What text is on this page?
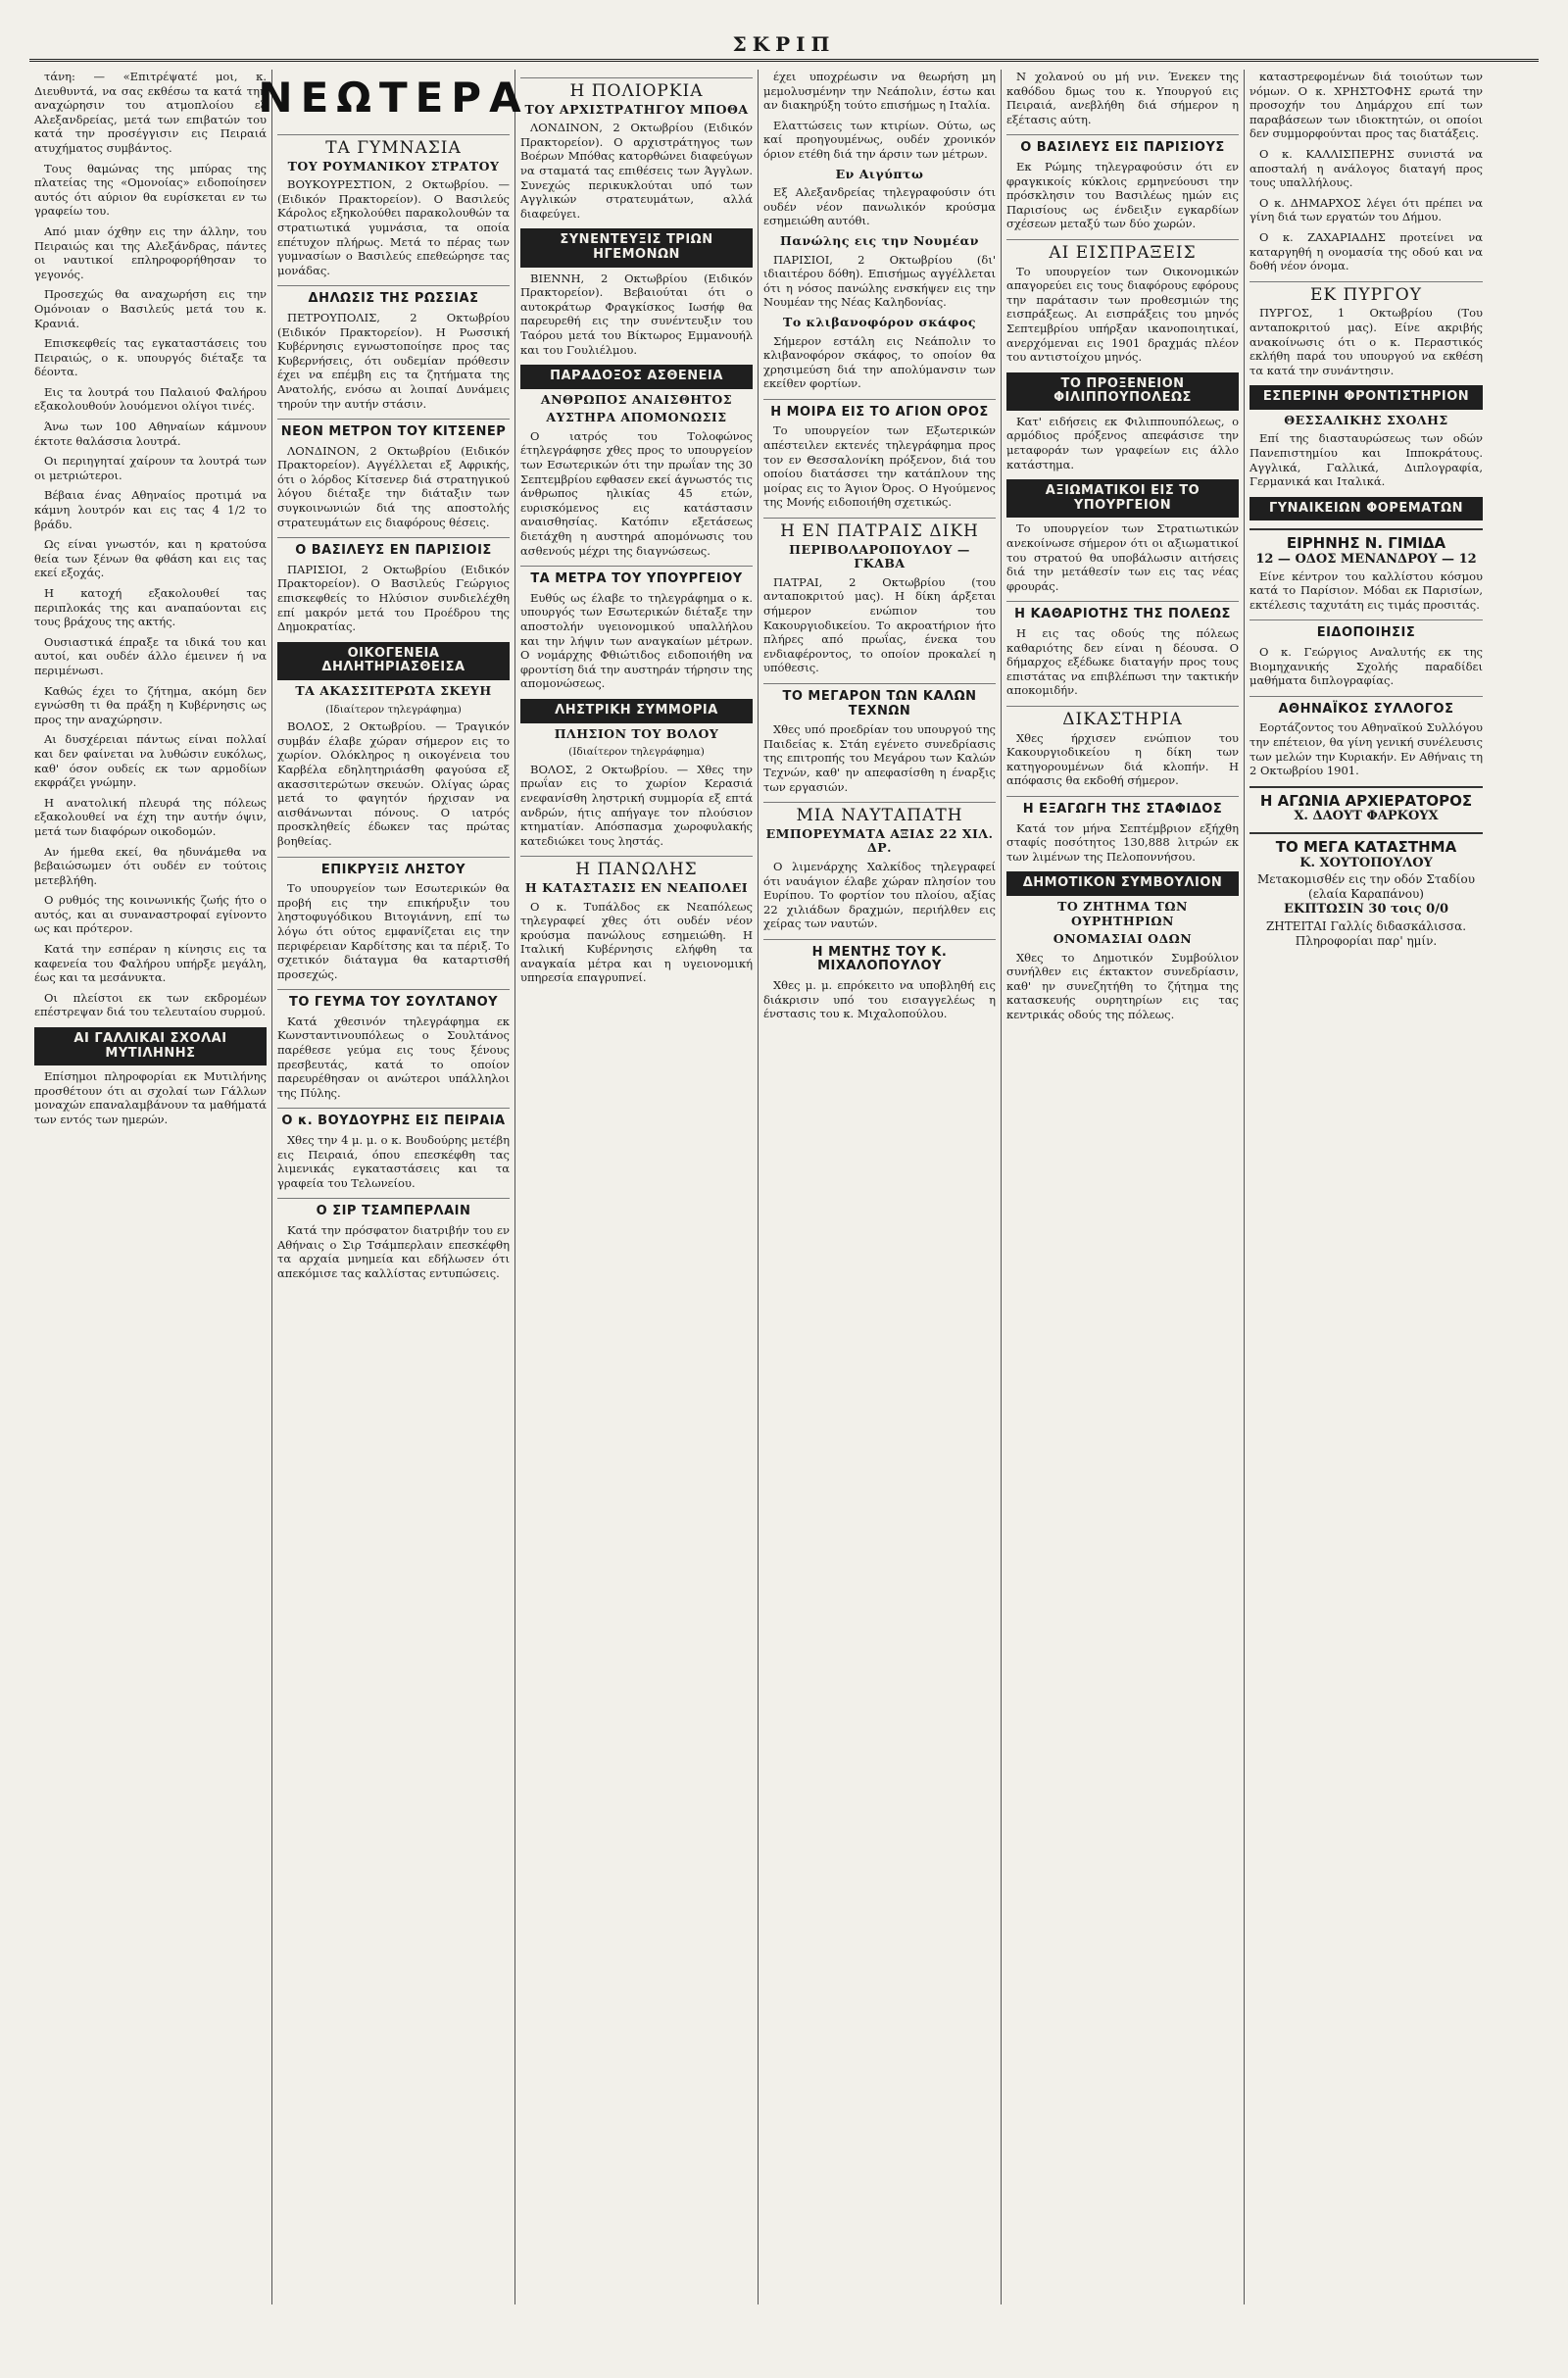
ΣΚΡΙΠ

τάνη: — «Επιτρέψατέ μοι, κ. Διευθυντά, να σας εκθέσω τα κατά την αναχώρησιν του ατμοπλοίου εξ Αλεξανδρείας, μετά των επιβατών του κατά την προσέγγισιν εις Πειραιά ατυχήματος συμβάντος.

Τους θαμώνας της μπύρας της πλατείας της «Ομονοίας» ειδοποίησεν αυτός ότι αύριον θα ευρίσκεται εν τω γραφείω του.

Από μιαν όχθην εις την άλλην, του Πειραιώς και της Αλεξάνδρας, πάντες οι ναυτικοί επληροφορήθησαν το γεγονός.

Προσεχώς θα αναχωρήση εις την Ομόνοιαν ο Βασιλεύς μετά του κ. Κρανιά.

Επισκεφθείς τας εγκαταστάσεις του Πειραιώς, ο κ. υπουργός διέταξε τα δέοντα.

Εις τα λουτρά του Παλαιού Φαλήρου εξακολουθούν λουόμενοι ολίγοι τινές.

Άνω των 100 Αθηναίων κάμνουν έκτοτε θαλάσσια λουτρά.

Οι περιηγηταί χαίρουν τα λουτρά των οι μετριώτεροι.

Βέβαια ένας Αθηναίος προτιμά να κάμνη λουτρόν και εις τας 4 1/2 το βράδυ.

Ως είναι γνωστόν, και η κρατούσα θεία των ξένων θα φθάση και εις τας εκεί εξοχάς.

Η κατοχή εξακολουθεί τας περιπλοκάς της και αναπαύονται εις τους βράχους της ακτής.

Ουσιαστικά έπραξε τα ιδικά του και αυτοί, και ουδέν άλλο έμεινεν ή να περιμένωσι.

Καθώς έχει το ζήτημα, ακόμη δεν εγνώσθη τι θα πράξη η Κυβέρνησις ως προς την αναχώρησιν.

Αι δυσχέρειαι πάντως είναι πολλαί και δεν φαίνεται να λυθώσιν ευκόλως, καθ' όσον ουδείς εκ των αρμοδίων εκφράζει γνώμην.

Η ανατολική πλευρά της πόλεως εξακολουθεί να έχη την αυτήν όψιν, μετά των διαφόρων οικοδομών.

Αν ήμεθα εκεί, θα ηδυνάμεθα να βεβαιώσωμεν ότι ουδέν εν τούτοις μετεβλήθη.

Ο ρυθμός της κοινωνικής ζωής ήτο ο αυτός, και αι συναναστροφαί εγίνοντο ως και πρότερον.

Κατά την εσπέραν η κίνησις εις τα καφενεία του Φαλήρου υπήρξε μεγάλη, έως και τα μεσάνυκτα.

Οι πλείστοι εκ των εκδρομέων επέστρεψαν διά του τελευταίου συρμού.

ΑΙ ΓΑΛΛΙΚΑΙ ΣΧΟΛΑΙ ΜΥΤΙΛΗΝΗΣ

Επίσημοι πληροφορίαι εκ Μυτιλήνης προσθέτουν ότι αι σχολαί των Γάλλων μοναχών επαναλαμβάνουν τα μαθήματά των εντός των ημερών.

ΝΕΩΤΕΡΑ
ΤΑ ΓΥΜΝΑΣΙΑ
ΤΟΥ ΡΟΥΜΑΝΙΚΟΥ ΣΤΡΑΤΟΥ

ΒΟΥΚΟΥΡΕΣΤΙΟΝ, 2 Οκτωβρίου. — (Ειδικόν Πρακτορείον). Ο Βασιλεύς Κάρολος εξηκολούθει παρακολουθών τα στρατιωτικά γυμνάσια, τα οποία επέτυχον πλήρως. Μετά το πέρας των γυμνασίων ο Βασιλεύς επεθεώρησε τας μονάδας.

ΔΗΛΩΣΙΣ ΤΗΣ ΡΩΣΣΙΑΣ

ΠΕΤΡΟΥΠΟΛΙΣ, 2 Οκτωβρίου (Ειδικόν Πρακτορείον). Η Ρωσσική Κυβέρνησις εγνωστοποίησε προς τας Κυβερνήσεις, ότι ουδεμίαν πρόθεσιν έχει να επέμβη εις τα ζητήματα της Ανατολής, ενόσω αι λοιπαί Δυνάμεις τηρούν την αυτήν στάσιν.

ΝΕΟΝ ΜΕΤΡΟΝ ΤΟΥ ΚΙΤΣΕΝΕΡ

ΛΟΝΔΙΝΟΝ, 2 Οκτωβρίου (Ειδικόν Πρακτορείον). Αγγέλλεται εξ Αφρικής, ότι ο λόρδος Κίτσενερ διά στρατηγικού λόγου διέταξε την διάταξιν των συγκοινωνιών διά της αποστολής στρατευμάτων εις διαφόρους θέσεις.

Ο ΒΑΣΙΛΕΥΣ ΕΝ ΠΑΡΙΣΙΟΙΣ

ΠΑΡΙΣΙΟΙ, 2 Οκτωβρίου (Ειδικόν Πρακτορείον). Ο Βασιλεύς Γεώργιος επισκεφθείς το Ηλύσιον συνδιελέχθη επί μακρόν μετά του Προέδρου της Δημοκρατίας.

ΟΙΚΟΓΕΝΕΙΑ ΔΗΛΗΤΗΡΙΑΣΘΕΙΣΑ
ΤΑ ΑΚΑΣΣΙΤΕΡΩΤΑ ΣΚΕΥΗ
(Ιδιαίτερον τηλεγράφημα)

ΒΟΛΟΣ, 2 Οκτωβρίου. — Τραγικόν συμβάν έλαβε χώραν σήμερον εις το χωρίον. Ολόκληρος η οικογένεια του Καρβέλα εδηλητηριάσθη φαγούσα εξ ακασσιτερώτων σκευών. Ολίγας ώρας μετά το φαγητόν ήρχισαν να αισθάνωνται πόνους. Ο ιατρός προσκληθείς έδωκεν τας πρώτας βοηθείας.

ΕΠΙΚΡΥΞΙΣ ΛΗΣΤΟΥ

Το υπουργείον των Εσωτερικών θα προβή εις την επικήρυξιν του ληστοφυγόδικου Βιτογιάννη, επί τω λόγω ότι ούτος εμφανίζεται εις την περιφέρειαν Καρδίτσης και τα πέριξ. Το σχετικόν διάταγμα θα καταρτισθή προσεχώς.

ΤΟ ΓΕΥΜΑ ΤΟΥ ΣΟΥΛΤΑΝΟΥ

Κατά χθεσινόν τηλεγράφημα εκ Κωνσταντινουπόλεως ο Σουλτάνος παρέθεσε γεύμα εις τους ξένους πρεσβευτάς, κατά το οποίον παρευρέθησαν οι ανώτεροι υπάλληλοι της Πύλης.

Ο κ. ΒΟΥΔΟΥΡΗΣ ΕΙΣ ΠΕΙΡΑΙΑ

Χθες την 4 μ. μ. ο κ. Βουδούρης μετέβη εις Πειραιά, όπου επεσκέφθη τας λιμενικάς εγκαταστάσεις και τα γραφεία του Τελωνείου.

Ο ΣΙΡ ΤΣΑΜΠΕΡΛΑΙΝ

Κατά την πρόσφατον διατριβήν του εν Αθήναις ο Σιρ Τσάμπερλαιν επεσκέφθη τα αρχαία μνημεία και εδήλωσεν ότι απεκόμισε τας καλλίστας εντυπώσεις.

Η ΠΟΛΙΟΡΚΙΑ
ΤΟΥ ΑΡΧΙΣΤΡΑΤΗΓΟΥ ΜΠΟΘΑ

ΛΟΝΔΙΝΟΝ, 2 Οκτωβρίου (Ειδικόν Πρακτορείον). Ο αρχιστράτηγος των Βοέρων Μπόθας κατορθώνει διαφεύγων να σταματά τας επιθέσεις των Άγγλων. Συνεχώς περικυκλούται υπό των Αγγλικών στρατευμάτων, αλλά διαφεύγει.

ΣΥΝΕΝΤΕΥΞΙΣ ΤΡΙΩΝ ΗΓΕΜΟΝΩΝ

ΒΙΕΝΝΗ, 2 Οκτωβρίου (Ειδικόν Πρακτορείον). Βεβαιούται ότι ο αυτοκράτωρ Φραγκίσκος Ιωσήφ θα παρευρεθή εις την συνέντευξιν του Ταόρου μετά του Βίκτωρος Εμμανουήλ και του Γουλιέλμου.

ΠΑΡΑΔΟΞΟΣ ΑΣΘΕΝΕΙΑ
ΑΝΘΡΩΠΟΣ ΑΝΑΙΣΘΗΤΟΣ
ΑΥΣΤΗΡΑ ΑΠΟΜΟΝΩΣΙΣ

Ο ιατρός του Τολοφώνος έτηλεγράφησε χθες προς το υπουργείον των Εσωτερικών ότι την πρωΐαν της 30 Σεπτεμβρίου εφθασεν εκεί άγνωστός τις άνθρωπος ηλικίας 45 ετών, ευρισκόμενος εις κατάστασιν αναισθησίας. Κατόπιν εξετάσεως διετάχθη η αυστηρά απομόνωσις του ασθενούς μέχρι της διαγνώσεως.

ΤΑ ΜΕΤΡΑ ΤΟΥ ΥΠΟΥΡΓΕΙΟΥ

Ευθύς ως έλαβε το τηλεγράφημα ο κ. υπουργός των Εσωτερικών διέταξε την αποστολήν υγειονομικού υπαλλήλου και την λήψιν των αναγκαίων μέτρων. Ο νομάρχης Φθιώτιδος ειδοποιήθη να φροντίση διά την αυστηράν τήρησιν της απομονώσεως.

ΛΗΣΤΡΙΚΗ ΣΥΜΜΟΡΙΑ
ΠΛΗΣΙΟΝ ΤΟΥ ΒΟΛΟΥ
(Ιδιαίτερον τηλεγράφημα)

ΒΟΛΟΣ, 2 Οκτωβρίου. — Χθες την πρωΐαν εις το χωρίον Κερασιά ενεφανίσθη ληστρική συμμορία εξ επτά ανδρών, ήτις απήγαγε τον πλούσιον κτηματίαν. Απόσπασμα χωροφυλακής κατεδιώκει τους ληστάς.

Η ΠΑΝΩΛΗΣ
Η ΚΑΤΑΣΤΑΣΙΣ ΕΝ ΝΕΑΠΟΛΕΙ

Ο κ. Τυπάλδος εκ Νεαπόλεως τηλεγραφεί χθες ότι ουδέν νέον κρούσμα πανώλους εσημειώθη. Η Ιταλική Κυβέρνησις ελήφθη τα αναγκαία μέτρα και η υγειονομική υπηρεσία επαγρυπνεί.

έχει υποχρέωσιν να θεωρήση μη μεμολυσμένην την Νεάπολιν, έστω και αν διακηρύξη τούτο επισήμως η Ιταλία.

Ελαττώσεις των κτιρίων. Ούτω, ως καί προηγουμένως, ουδέν χρονικόν όριον ετέθη διά την άρσιν των μέτρων.

Εν Αιγύπτω

Εξ Αλεξανδρείας τηλεγραφούσιν ότι ουδέν νέον πανωλικόν κρούσμα εσημειώθη αυτόθι.

Πανώλης εις την Νουμέαν

ΠΑΡΙΣΙΟΙ, 2 Οκτωβρίου (δι' ιδιαιτέρου δόθη). Επισήμως αγγέλλεται ότι η νόσος πανώλης ενσκήψεν εις την Νουμέαν της Νέας Καληδονίας.

Το κλιβανοφόρον σκάφος

Σήμερον εστάλη εις Νεάπολιν το κλιβανοφόρον σκάφος, το οποίον θα χρησιμεύση διά την απολύμανσιν των εκείθεν φορτίων.

Η ΜΟΙΡΑ ΕΙΣ ΤΟ ΑΓΙΟΝ ΟΡΟΣ

Το υπουργείον των Εξωτερικών απέστειλεν εκτενές τηλεγράφημα προς τον εν Θεσσαλονίκη πρόξενον, διά του οποίου διατάσσει την κατάπλουν της μοίρας εις το Άγιον Όρος. Ο Ηγούμενος της Μονής ειδοποιήθη σχετικώς.

Η ΕΝ ΠΑΤΡΑΙΣ ΔΙΚΗ
ΠΕΡΙΒΟΛΑΡΟΠΟΥΛΟΥ — ΓΚΑΒΑ

ΠΑΤΡΑΙ, 2 Οκτωβρίου (του ανταποκριτού μας). Η δίκη άρξεται σήμερον ενώπιον του Κακουργιοδικείου. Το ακροατήριον ήτο πλήρες από πρωΐας, ένεκα του ενδιαφέροντος, το οποίον προκαλεί η υπόθεσις.

ΤΟ ΜΕΓΑΡΟΝ ΤΩΝ ΚΑΛΩΝ ΤΕΧΝΩΝ

Χθες υπό προεδρίαν του υπουργού της Παιδείας κ. Στάη εγένετο συνεδρίασις της επιτροπής του Μεγάρου των Καλών Τεχνών, καθ' ην απεφασίσθη η έναρξις των εργασιών.

ΜΙΑ ΝΑΥΤΑΠΑΤΗ
ΕΜΠΟΡΕΥΜΑΤΑ ΑΞΙΑΣ 22 ΧΙΛ. ΔΡ.

Ο λιμενάρχης Χαλκίδος τηλεγραφεί ότι ναυάγιον έλαβε χώραν πλησίον του Ευρίπου. Το φορτίον του πλοίου, αξίας 22 χιλιάδων δραχμών, περιήλθεν εις χείρας των ναυτών.

Η ΜΕΝΤΗΣ ΤΟΥ Κ. ΜΙΧΑΛΟΠΟΥΛΟΥ

Χθες μ. μ. επρόκειτο να υποβληθή εις διάκρισιν υπό του εισαγγελέως η ένστασις του κ. Μιχαλοπούλου.

Ν χολανού ου μή νιν. Ένεκεν της καθόδου δμως του κ. Υπουργού εις Πειραιά, ανεβλήθη διά σήμερον η εξέτασις αύτη.

Ο ΒΑΣΙΛΕΥΣ ΕΙΣ ΠΑΡΙΣΙΟΥΣ

Εκ Ρώμης τηλεγραφούσιν ότι εν φραγκικοίς κύκλοις ερμηνεύουσι την πρόσκλησιν του Βασιλέως ημών εις Παρισίους ως ένδειξιν εγκαρδίων σχέσεων μεταξύ των δύο χωρών.

ΑΙ ΕΙΣΠΡΑΞΕΙΣ

Το υπουργείον των Οικονομικών απαγορεύει εις τους διαφόρους εφόρους την παράτασιν των προθεσμιών της εισπράξεως. Αι εισπράξεις του μηνός Σεπτεμβρίου υπήρξαν ικανοποιητικαί, ανερχόμεναι εις 1901 δραχμάς πλέον του αντιστοίχου μηνός.

ΤΟ ΠΡΟΞΕΝΕΙΟΝ ΦΙΛΙΠΠΟΥΠΟΛΕΩΣ

Κατ' ειδήσεις εκ Φιλιππουπόλεως, ο αρμόδιος πρόξενος απεφάσισε την μεταφοράν των γραφείων εις άλλο κατάστημα.

ΑΞΙΩΜΑΤΙΚΟΙ ΕΙΣ ΤΟ ΥΠΟΥΡΓΕΙΟΝ

Το υπουργείον των Στρατιωτικών ανεκοίνωσε σήμερον ότι οι αξιωματικοί του στρατού θα υποβάλωσιν αιτήσεις διά την μετάθεσίν των εις τας νέας φρουράς.

Η ΚΑΘΑΡΙΟΤΗΣ ΤΗΣ ΠΟΛΕΩΣ

Η εις τας οδούς της πόλεως καθαριότης δεν είναι η δέουσα. Ο δήμαρχος εξέδωκε διαταγήν προς τους επιστάτας να επιβλέπωσι την τακτικήν αποκομιδήν.

ΔΙΚΑΣΤΗΡΙΑ

Χθες ήρχισεν ενώπιον του Κακουργιοδικείου η δίκη των κατηγορουμένων διά κλοπήν. Η απόφασις θα εκδοθή σήμερον.

Η ΕΞΑΓΩΓΗ ΤΗΣ ΣΤΑΦΙΔΟΣ

Κατά τον μήνα Σεπτέμβριον εξήχθη σταφίς ποσότητος 130,888 λιτρών εκ των λιμένων της Πελοποννήσου.

ΔΗΜΟΤΙΚΟΝ ΣΥΜΒΟΥΛΙΟΝ
ΤΟ ΖΗΤΗΜΑ ΤΩΝ ΟΥΡΗΤΗΡΙΩΝ
ΟΝΟΜΑΣΙΑΙ ΟΔΩΝ

Χθες το Δημοτικόν Συμβούλιον συνήλθεν εις έκτακτον συνεδρίασιν, καθ' ην συνεζητήθη το ζήτημα της κατασκευής ουρητηρίων εις τας κεντρικάς οδούς της πόλεως.

καταστρεφομένων διά τοιούτων των νόμων. Ο κ. ΧΡΗΣΤΟΦΗΣ ερωτά την προσοχήν του Δημάρχου επί των παραβάσεων των ιδιοκτητών, οι οποίοι δεν συμμορφούνται προς τας διατάξεις.

Ο κ. ΚΑΛΛΙΣΠΕΡΗΣ συνιστά να αποσταλή η ανάλογος διαταγή προς τους υπαλλήλους.

Ο κ. ΔΗΜΑΡΧΟΣ λέγει ότι πρέπει να γίνη διά των εργατών του Δήμου.

Ο κ. ΖΑΧΑΡΙΑΔΗΣ προτείνει να καταργηθή η ονομασία της οδού και να δοθή νέον όνομα.

ΕΚ ΠΥΡΓΟΥ

ΠΥΡΓΟΣ, 1 Οκτωβρίου (Του ανταποκριτού μας). Είνε ακριβής ανακοίνωσις ότι ο κ. Περαστικός εκλήθη παρά του υπουργού να εκθέση τα κατά την συνάντησιν.

ΕΣΠΕΡΙΝΗ ΦΡΟΝΤΙΣΤΗΡΙΟΝ
ΘΕΣΣΑΛΙΚΗΣ ΣΧΟΛΗΣ

Επί της διασταυρώσεως των οδών Πανεπιστημίου και Ιπποκράτους. Αγγλικά, Γαλλικά, Διπλογραφία, Γερμανικά και Ιταλικά.

ΓΥΝΑΙΚΕΙΩΝ ΦΟΡΕΜΑΤΩΝ
ΕΙΡΗΝΗΣ Ν. ΓΙΜΙΔΑ
12 — ΟΔΟΣ ΜΕΝΑΝΔΡΟΥ — 12

Είνε κέντρον του καλλίστου κόσμου κατά το Παρίσιον. Μόδαι εκ Παρισίων, εκτέλεσις ταχυτάτη εις τιμάς προσιτάς.

ΕΙΔΟΠΟΙΗΣΙΣ

Ο κ. Γεώργιος Αναλυτής εκ της Βιομηχανικής Σχολής παραδίδει μαθήματα διπλογραφίας.

ΑΘΗΝΑΪΚΟΣ ΣΥΛΛΟΓΟΣ

Εορτάζοντος του Αθηναϊκού Συλλόγου την επέτειον, θα γίνη γενική συνέλευσις των μελών την Κυριακήν. Εν Αθήναις τη 2 Οκτωβρίου 1901.

Η ΑΓΩΝΙΑ ΑΡΧΙΕΡΑΤΟΡΟΣ
Χ. ΔΑΟΥΤ ΦΑΡΚΟΥΧ
ΤΟ ΜΕΓΑ ΚΑΤΑΣΤΗΜΑ
Κ. ΧΟΥΤΟΠΟΥΛΟΥ
Μετακομισθέν εις την οδόν Σταδίου (ελαία Καραπάνου)
ΕΚΠΤΩΣΙΝ 30 τοις 0/0
ΖΗΤΕΙΤΑΙ Γαλλίς διδασκάλισσα. Πληροφορίαι παρ' ημίν.
